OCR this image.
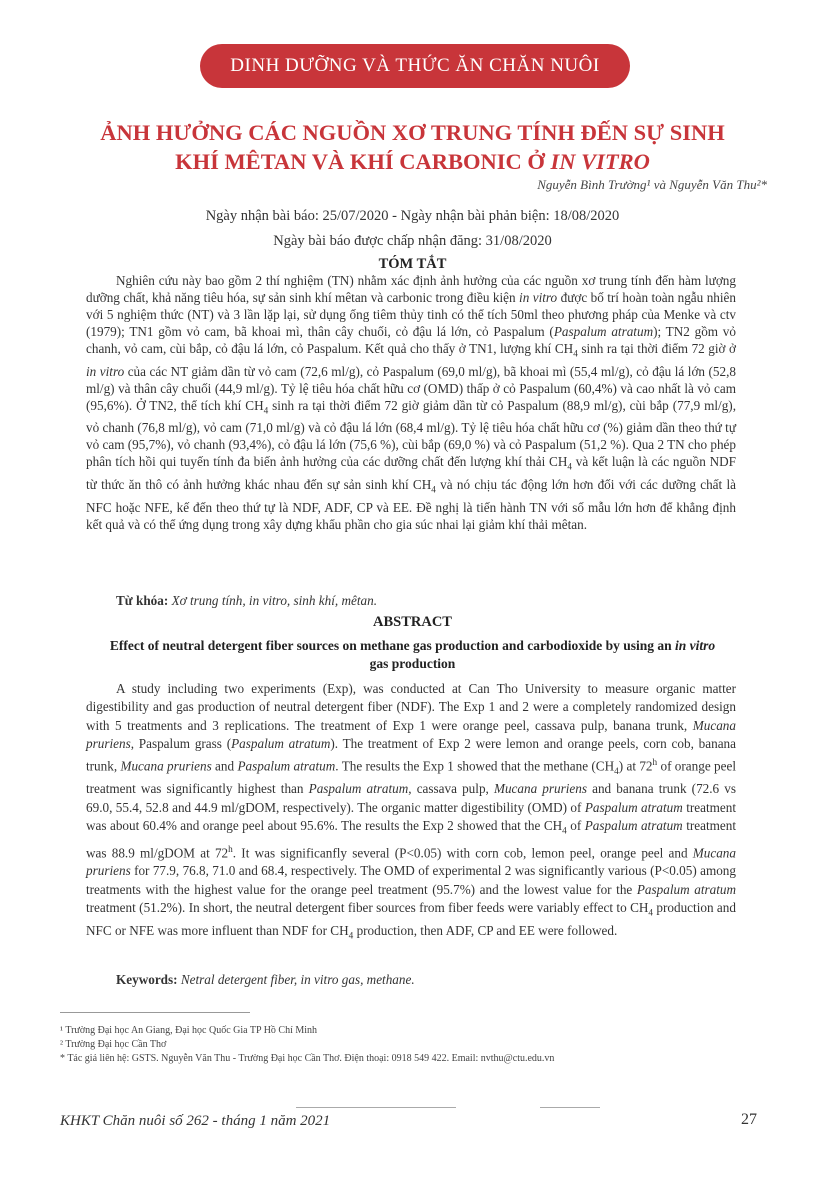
DINH DƯỠNG VÀ THỨC ĂN CHĂN NUÔI
ẢNH HƯỞNG CÁC NGUỒN XƠ TRUNG TÍNH ĐẾN SỰ SINH
KHÍ MÊTAN VÀ KHÍ CARBONIC Ở IN VITRO
Nguyễn Bình Trường¹ và Nguyễn Văn Thu²*
Ngày nhận bài báo: 25/07/2020 - Ngày nhận bài phản biện: 18/08/2020
Ngày bài báo được chấp nhận đăng: 31/08/2020
TÓM TẮT

Nghiên cứu này bao gồm 2 thí nghiệm (TN) nhằm xác định ảnh hưởng của các nguồn xơ trung tính đến hàm lượng dưỡng chất, khả năng tiêu hóa, sự sản sinh khí mêtan và carbonic trong điều kiện in vitro được bố trí hoàn toàn ngẫu nhiên với 5 nghiệm thức (NT) và 3 lần lặp lại, sử dụng ống tiêm thủy tinh có thể tích 50ml theo phương pháp của Menke và ctv (1979); TN1 gồm vỏ cam, bã khoai mì, thân cây chuối, cỏ đậu lá lớn, cỏ Paspalum (Paspalum atratum); TN2 gồm vỏ chanh, vỏ cam, cùi bắp, cỏ đậu lá lớn, cỏ Paspalum. Kết quả cho thấy ở TN1, lượng khí $CH_4$ sinh ra tại thời điểm 72 giờ ở in vitro của các NT giảm dần từ vỏ cam (72,6 ml/g), cỏ Paspalum (69,0 ml/g), bã khoai mì (55,4 ml/g), cỏ đậu lá lớn (52,8 ml/g) và thân cây chuối (44,9 ml/g). Tỷ lệ tiêu hóa chất hữu cơ (OMD) thấp ở cỏ Paspalum (60,4%) và cao nhất là vỏ cam (95,6%). Ở TN2, thể tích khí $CH_4$ sinh ra tại thời điểm 72 giờ giảm dần từ cỏ Paspalum (88,9 ml/g), cùi bắp (77,9 ml/g), vỏ chanh (76,8 ml/g), vỏ cam (71,0 ml/g) và cỏ đậu lá lớn (68,4 ml/g). Tỷ lệ tiêu hóa chất hữu cơ (%) giảm dần theo thứ tự vỏ cam (95,7%), vỏ chanh (93,4%), cỏ đậu lá lớn (75,6 %), cùi bắp (69,0 %) và cỏ Paspalum (51,2 %). Qua 2 TN cho phép phân tích hồi qui tuyến tính đa biến ảnh hưởng của các dưỡng chất đến lượng khí thải $CH_4$ và kết luận là các nguồn NDF từ thức ăn thô có ảnh hưởng khác nhau đến sự sản sinh khí $CH_4$ và nó chịu tác động lớn hơn đối với các dưỡng chất là NFC hoặc NFE, kế đến theo thứ tự là NDF, ADF, CP và EE. Đề nghị là tiến hành TN với số mẫu lớn hơn để khẳng định kết quả và có thể ứng dụng trong xây dựng khẩu phần cho gia súc nhai lại giảm khí thải mêtan.

Từ khóa: Xơ trung tính, in vitro, sinh khí, mêtan.
ABSTRACT
Effect of neutral detergent fiber sources on methane gas production and carbodioxide by using an in vitro gas production

A study including two experiments (Exp), was conducted at Can Tho University to measure organic matter digestibility and gas production of neutral detergent fiber (NDF). The Exp 1 and 2 were a completely randomized design with 5 treatments and 3 replications. The treatment of Exp 1 were orange peel, cassava pulp, banana trunk, Mucana pruriens, Paspalum grass (Paspalum atratum). The treatment of Exp 2 were lemon and orange peels, corn cob, banana trunk, Mucana pruriens and Paspalum atratum. The results the Exp 1 showed that the methane $(CH_4)$ at 72$^h$ of orange peel treatment was significantly highest than Paspalum atratum, cassava pulp, Mucana pruriens and banana trunk (72.6 vs 69.0, 55.4, 52.8 and 44.9 ml/gDOM, respectively). The organic matter digestibility (OMD) of Paspalum atratum treatment was about 60.4% and orange peel about 95.6%. The results the Exp 2 showed that the $CH_4$ of Paspalum atratum treatment was 88.9 ml/gDOM at 72$^h$. It was significanfly several (P<0.05) with corn cob, lemon peel, orange peel and Mucana pruriens for 77.9, 76.8, 71.0 and 68.4, respectively. The OMD of experimental 2 was significantly various (P<0.05) among treatments with the highest value for the orange peel treatment (95.7%) and the lowest value for the Paspalum atratum treatment (51.2%). In short, the neutral detergent fiber sources from fiber feeds were variably effect to $CH_4$ production and NFC or NFE was more influent than NDF for $CH_4$ production, then ADF, CP and EE were followed.

Keywords: Netral detergent fiber, in vitro gas, methane.
¹ Trường Đại học An Giang, Đại học Quốc Gia TP Hồ Chí Minh
² Trường Đại học Cần Thơ
* Tác giả liên hệ: GSTS. Nguyễn Văn Thu - Trường Đại học Cần Thơ. Điện thoại: 0918 549 422. Email: nvthu@ctu.edu.vn
KHKT Chăn nuôi số 262 - tháng 1 năm 2021	27
